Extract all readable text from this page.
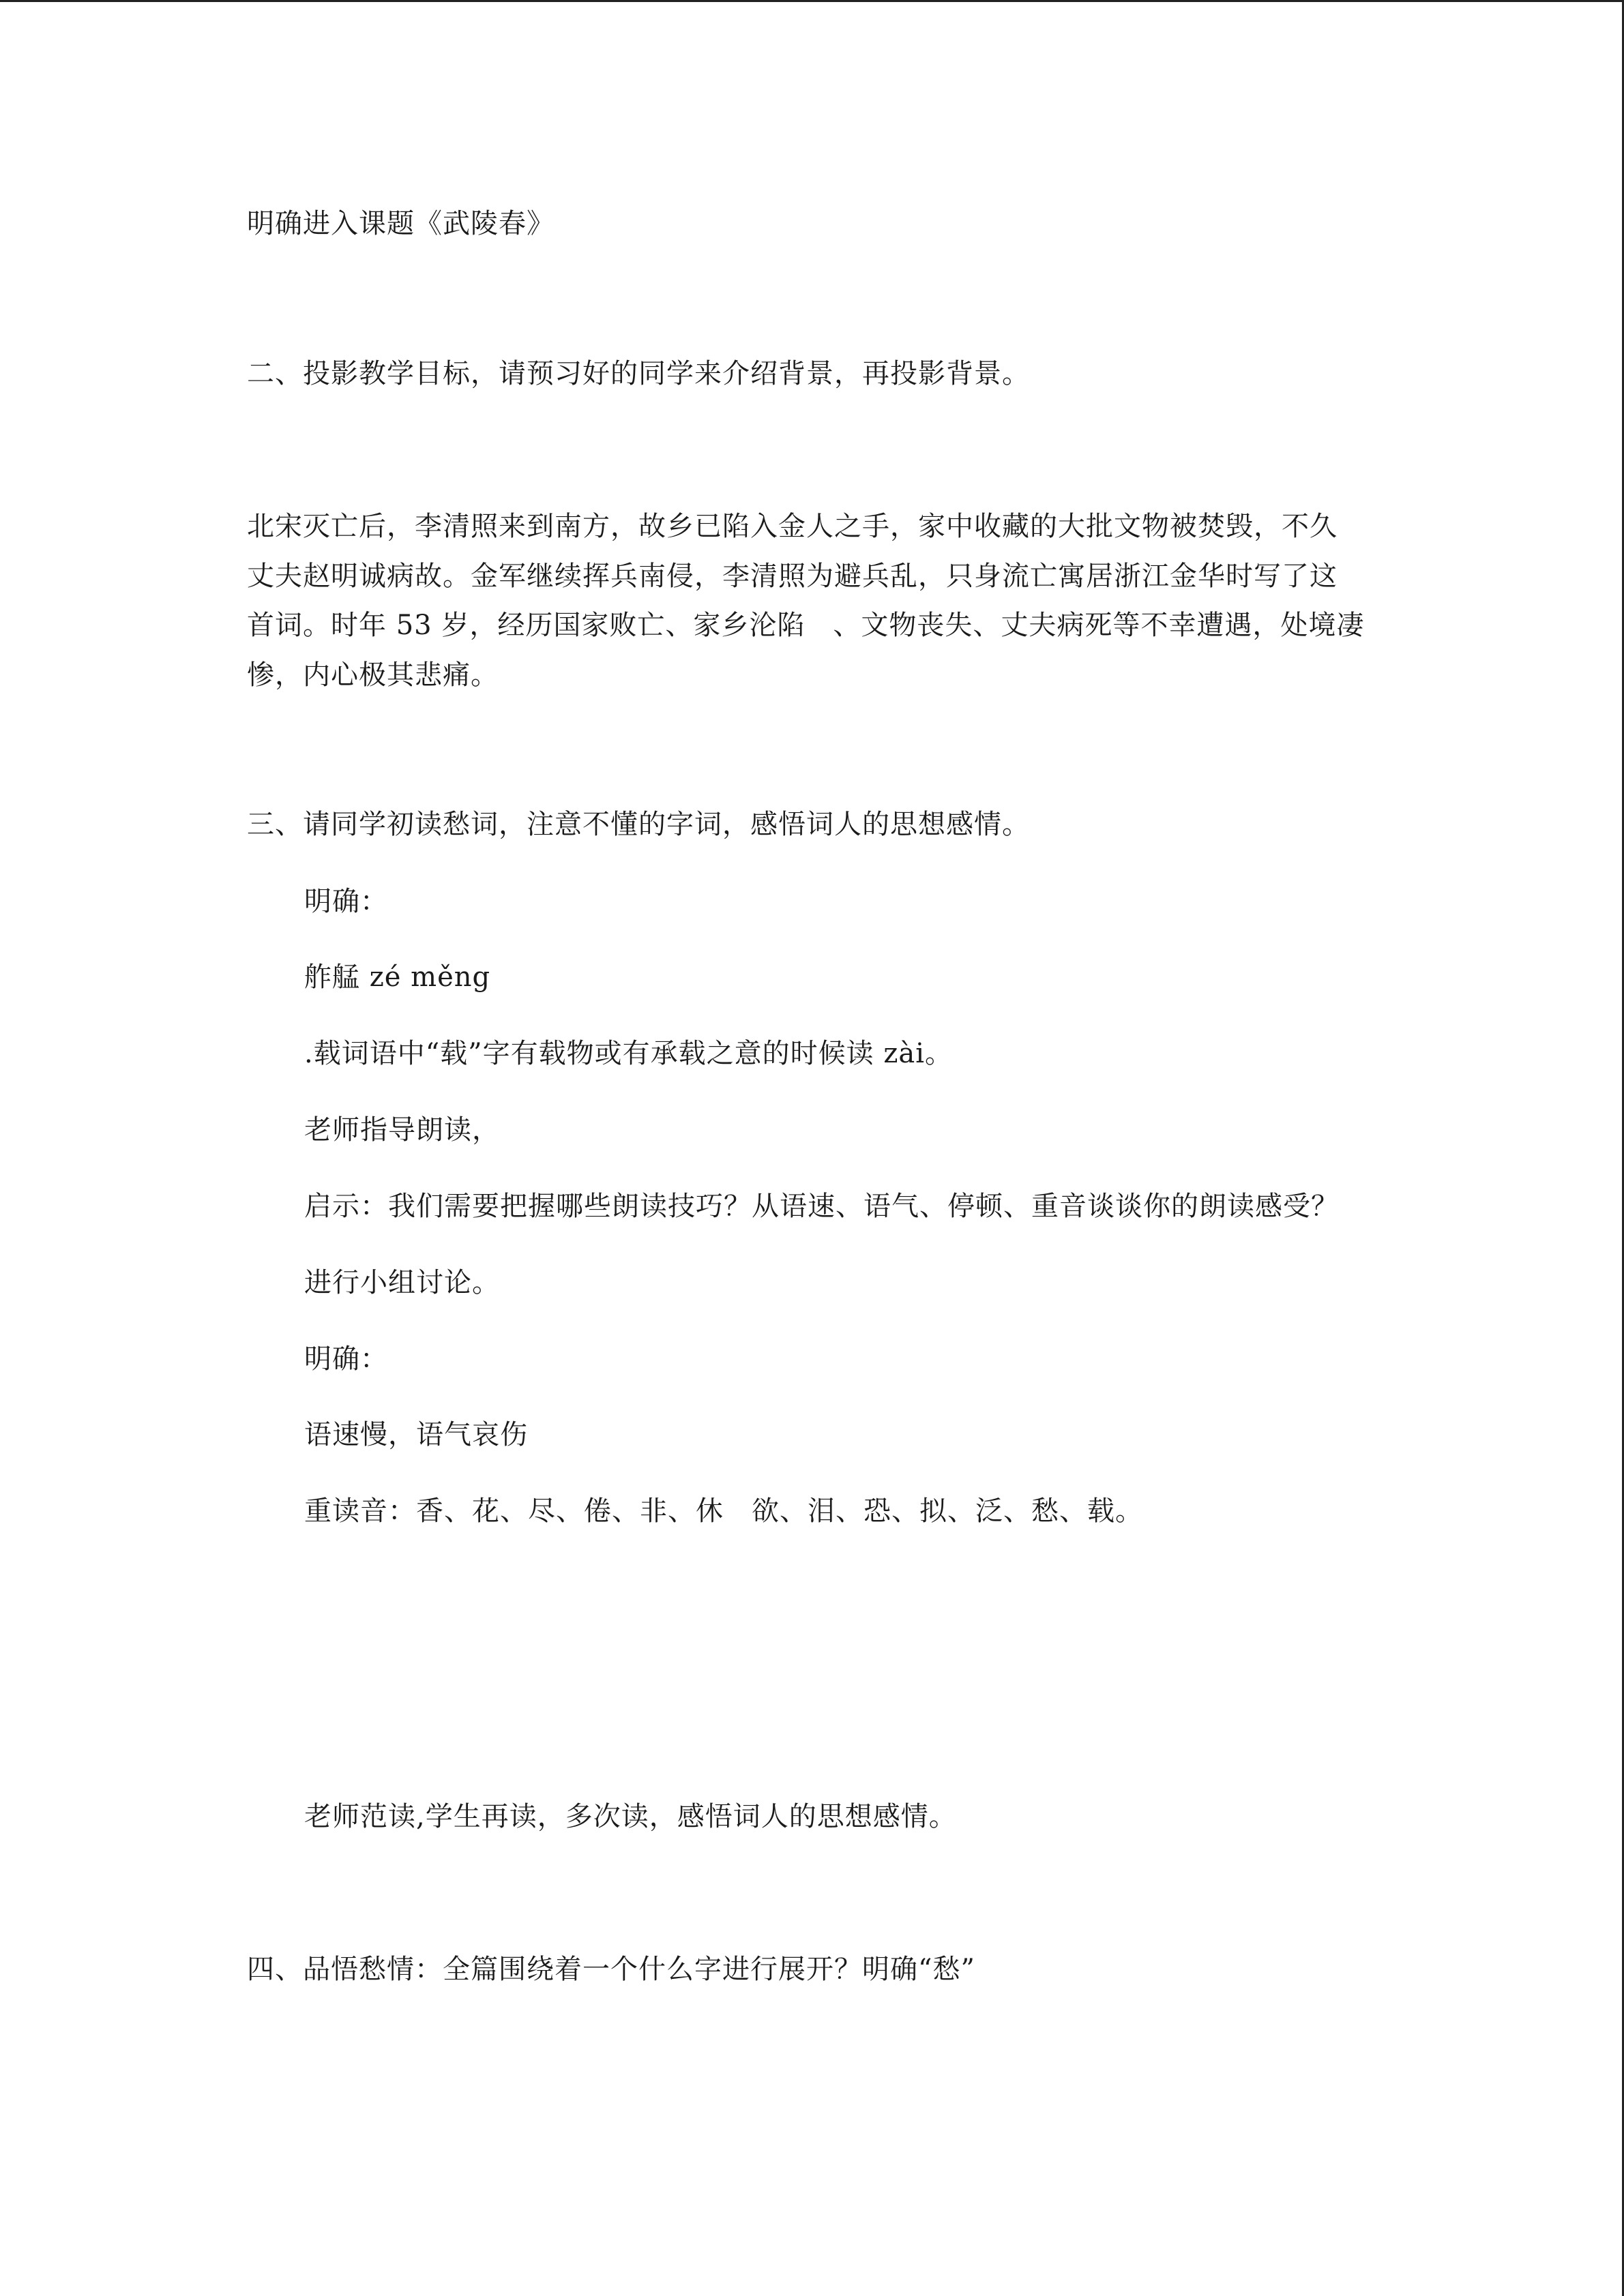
明确进入课题《武陵春》
二、投影教学目标，请预习好的同学来介绍背景，再投影背景。
北宋灭亡后，李清照来到南方，故乡已陷入金人之手，家中收藏的大批文物被焚毁，不久
丈夫赵明诚病故。金军继续挥兵南侵，李清照为避兵乱，只身流亡寓居浙江金华时写了这
首词。时年 53 岁，经历国家败亡、家乡沦陷　、文物丧失、丈夫病死等不幸遭遇，处境凄
惨，内心极其悲痛。
三、请同学初读愁词，注意不懂的字词，感悟词人的思想感情。
明确：
舴艋 zé měng
.载词语中“载”字有载物或有承载之意的时候读 zài。
老师指导朗读，
启示：我们需要把握哪些朗读技巧？从语速、语气、停顿、重音谈谈你的朗读感受？
进行小组讨论。
明确：
语速慢，语气哀伤
重读音：香、花、尽、倦、非、休　欲、泪、恐、拟、泛、愁、载。
老师范读,学生再读，多次读，感悟词人的思想感情。
四、品悟愁情：全篇围绕着一个什么字进行展开？明确“愁”
